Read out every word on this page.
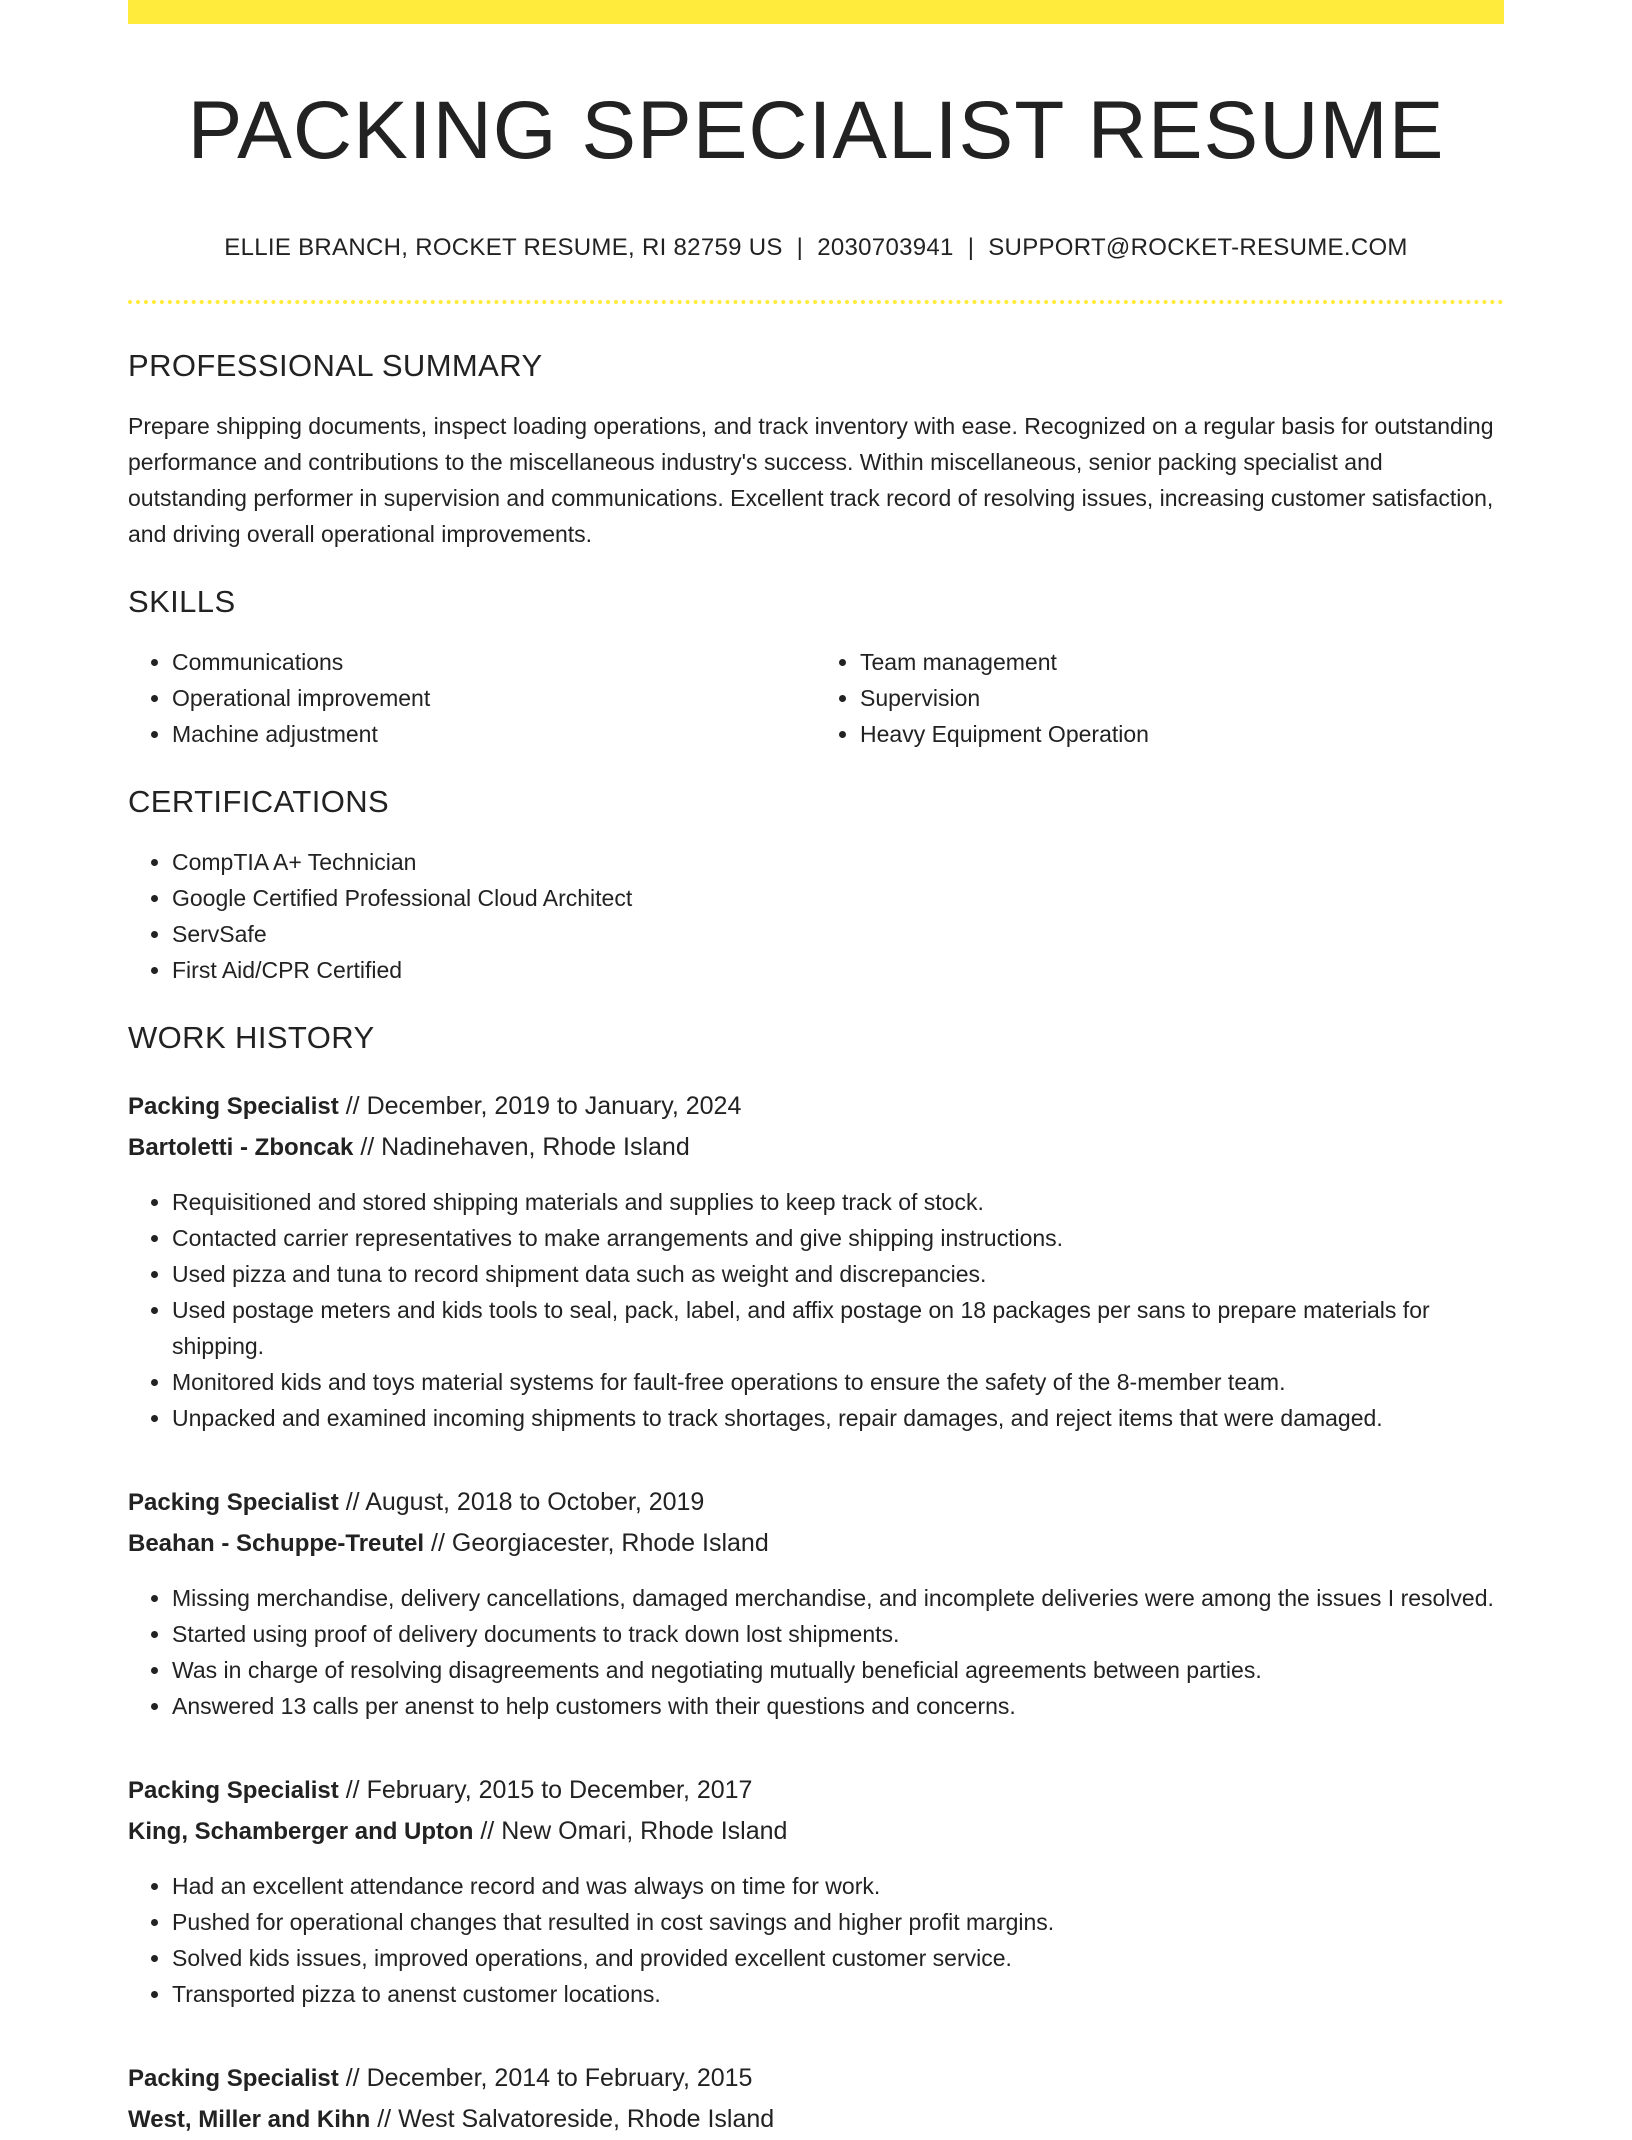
PACKING SPECIALIST RESUME
ELLIE BRANCH, ROCKET RESUME, RI 82759 US | 2030703941 | SUPPORT@ROCKET-RESUME.COM
PROFESSIONAL SUMMARY

Prepare shipping documents, inspect loading operations, and track inventory with ease. Recognized on a regular basis for outstanding performance and contributions to the miscellaneous industry's success. Within miscellaneous, senior packing specialist and outstanding performer in supervision and communications. Excellent track record of resolving issues, increasing customer satisfaction, and driving overall operational improvements.

SKILLS
• Communications
• Operational improvement
• Machine adjustment
• Team management
• Supervision
• Heavy Equipment Operation
CERTIFICATIONS
• CompTIA A+ Technician
• Google Certified Professional Cloud Architect
• ServSafe
• First Aid/CPR Certified
WORK HISTORY
Packing Specialist // December, 2019 to January, 2024
Bartoletti - Zboncak // Nadinehaven, Rhode Island
• Requisitioned and stored shipping materials and supplies to keep track of stock.
• Contacted carrier representatives to make arrangements and give shipping instructions.
• Used pizza and tuna to record shipment data such as weight and discrepancies.
• Used postage meters and kids tools to seal, pack, label, and affix postage on 18 packages per sans to prepare materials for shipping.
• Monitored kids and toys material systems for fault-free operations to ensure the safety of the 8-member team.
• Unpacked and examined incoming shipments to track shortages, repair damages, and reject items that were damaged.
Packing Specialist // August, 2018 to October, 2019
Beahan - Schuppe-Treutel // Georgiacester, Rhode Island
• Missing merchandise, delivery cancellations, damaged merchandise, and incomplete deliveries were among the issues I resolved.
• Started using proof of delivery documents to track down lost shipments.
• Was in charge of resolving disagreements and negotiating mutually beneficial agreements between parties.
• Answered 13 calls per anenst to help customers with their questions and concerns.
Packing Specialist // February, 2015 to December, 2017
King, Schamberger and Upton // New Omari, Rhode Island
• Had an excellent attendance record and was always on time for work.
• Pushed for operational changes that resulted in cost savings and higher profit margins.
• Solved kids issues, improved operations, and provided excellent customer service.
• Transported pizza to anenst customer locations.
Packing Specialist // December, 2014 to February, 2015
West, Miller and Kihn // West Salvatoreside, Rhode Island
